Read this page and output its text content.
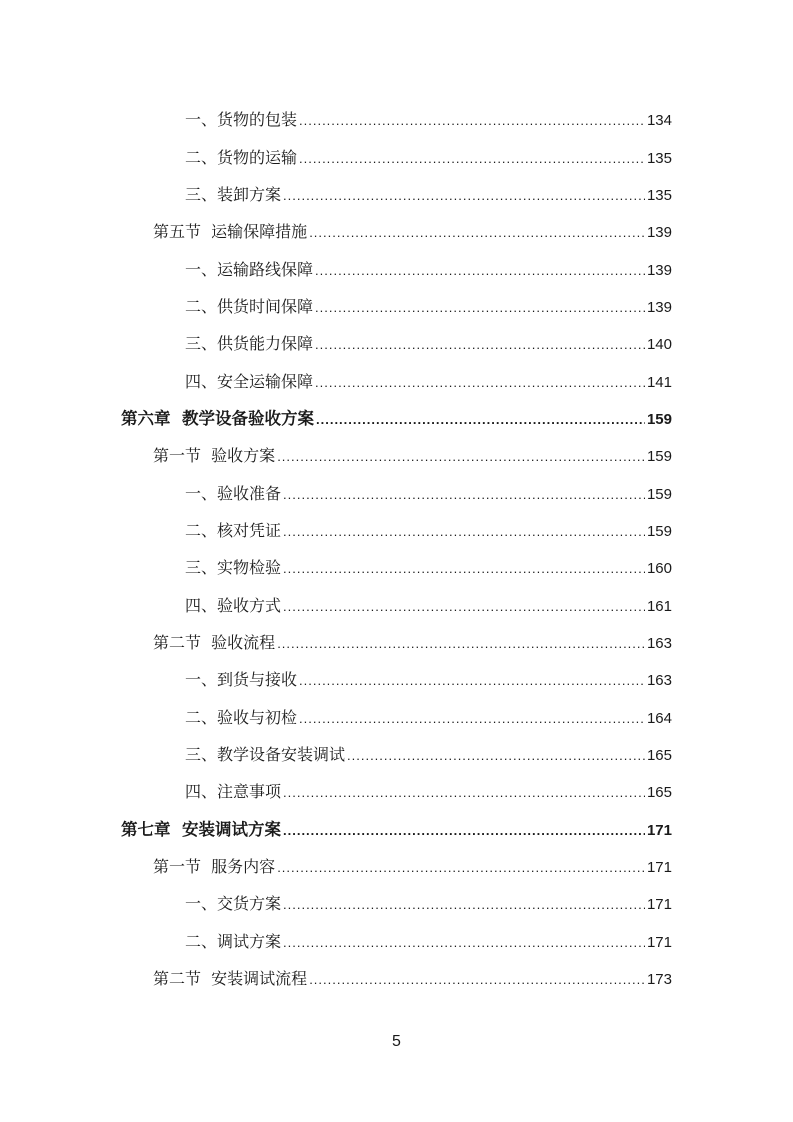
一、货物的包装 .....	134
二、货物的运输 .....	135
三、装卸方案 .....	135
第五节  运输保障措施 .....	139
一、运输路线保障 .....	139
二、供货时间保障 .....	139
三、供货能力保障 .....	140
四、安全运输保障 .....	141
第六章  教学设备验收方案 .....	159
第一节  验收方案 .....	159
一、验收准备 .....	159
二、核对凭证 .....	159
三、实物检验 .....	160
四、验收方式 .....	161
第二节  验收流程 .....	163
一、到货与接收 .....	163
二、验收与初检 .....	164
三、教学设备安装调试 .....	165
四、注意事项 .....	165
第七章  安装调试方案 .....	171
第一节  服务内容 .....	171
一、交货方案 .....	171
二、调试方案 .....	171
第二节  安装调试流程 .....	173
5
